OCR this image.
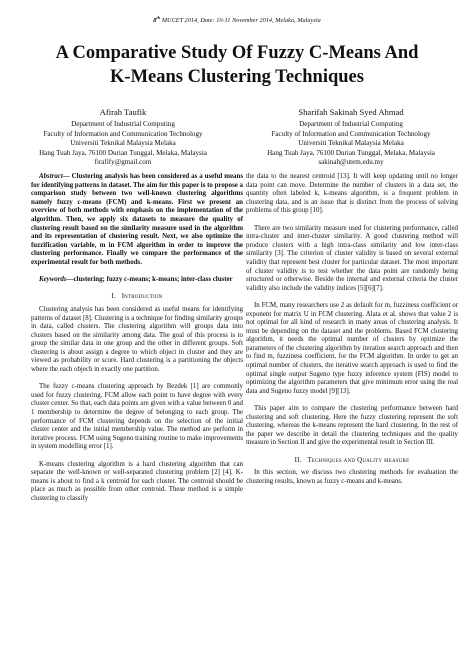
8th MUCET 2014, Date: 10-11 November 2014, Melaka, Malaysia
A Comparative Study Of Fuzzy C-Means And
K-Means Clustering Techniques
Afirah Taufik
Department of Industrial Computing
Faculty of Information and Communication Technology
Universiti Teknikal Malaysia Melaka
Hang Tuah Jaya, 76100 Durian Tunggal, Melaka, Malaysia
firafify@gmail.com
Sharifah Sakinah Syed Ahmad
Department of Industrial Computing
Faculty of Information and Communication Technology
Universiti Teknikal Malaysia Melaka
Hang Tuah Jaya, 76100 Durian Tunggal, Melaka, Malaysia
sakinah@utem.edu.my

Abstract— Clustering analysis has been considered as a useful means for identifying patterns in dataset. The aim for this paper is to propose a comparison study between two well-known clustering algorithms namely fuzzy c-means (FCM) and k-means. First we present an overview of both methods with emphasis on the implementation of the algorithm. Then, we apply six datasets to measure the quality of clustering result based on the similarity measure used in the algorithm and its representation of clustering result. Next, we also optimize the fuzzification variable, m in FCM algorithm in order to improve the clustering performance. Finally we compare the performance of the experimental result for both methods.

Keywords—clustering; fuzzy c-means; k-means; inter-class cluster

I. Introduction

Clustering analysis has been considered as useful means for identifying patterns of dataset [8]. Clustering is a technique for finding similarity groups in data, called clusters. The clustering algorithm will groups data into clusters based on the similarity among data. The goal of this process is to group the similar data in one group and the other in different groups. Soft clustering is about assign a degree to which object in cluster and they are viewed as probability or score. Hard clustering is a partitioning the objects where the each objech in exactly one partition.

The fuzzy c-means clustering approach by Bezdek [1] are commonly used for fuzzy clustering. FCM allow each point to have degree with every cluster center. So that, each data points are given with a value between 0 and 1 membership to determine the degree of belonging to each group. The performance of FCM clustering depends on the selection of the initial cluster center and the initial membership value. The method are perform in iterative process. FCM using Sugeno training routine to make improvements in system modelling error [1].

K-means clustering algorithm is a hard clustering algorithm that can separate the well-known or well-separated clustering problem [2] [4]. K-means is about to find a k centroid for each cluster. The centroid should be place as much as possible from other centroid. These method is a simple clustering to classify

the data to the nearest centroid [13]. It will keep updating until no longer data point can move. Determine the number of clusters in a data set, the quantity often labeled k, k-means algorithm, is a frequent problem in clustering data, and is an issue that is distinct from the process of solving problems of this group [10].

There are two similarity measure used for clustering performance, called intra-cluster and inter-cluster similarity. A good clustering method will produce clusters with a high intra-class similarity and low inter-class similarity [3]. The criterion of cluster validity is based on several external validity that represent best cluster for particular dataset. The most important of cluster validity is to test whether the data point are randomly being structured or otherwise. Beside the internal and external criteria the cluster validity also include the validity indices [5][6][7].

In FCM, many researchers use 2 as default for m, fuzziness coefficient or exponent for matrix U in FCM clustering. Alata et al. shows that value 2 is not optimal for all kind of research in many areas of clustering analysis. It must be depending on the dataset and the problems. Based FCM clustering algorithm, it needs the optimal number of clusters by optimize the parameters of the clustering algorithm by iteration search approach and then to find m, fuzziness coefficient, for the FCM algorithm. In order to get an optimal number of clusters, the iterative search approach is used to find the optimal single output Sugeno type fuzzy inference system (FIS) model to optimizing the algorithm parameters that give minimum error using the real data and Sugeno fuzzy model [9][13].

This paper aim to compare the clustering performance between hard clustering and soft clustering. Here the fuzzy clustering represent the soft clustering, whereas the k-means represent the hard clustering. In the rest of the paper we describe in detail the clustering techniques and the quality measure in Section II and give the experimental result in Section III.

II. Techniques and Quality measure

In this section, we discuss two clustering methods for evaluation the clustering results, known as fuzzy c-means and k-means.
